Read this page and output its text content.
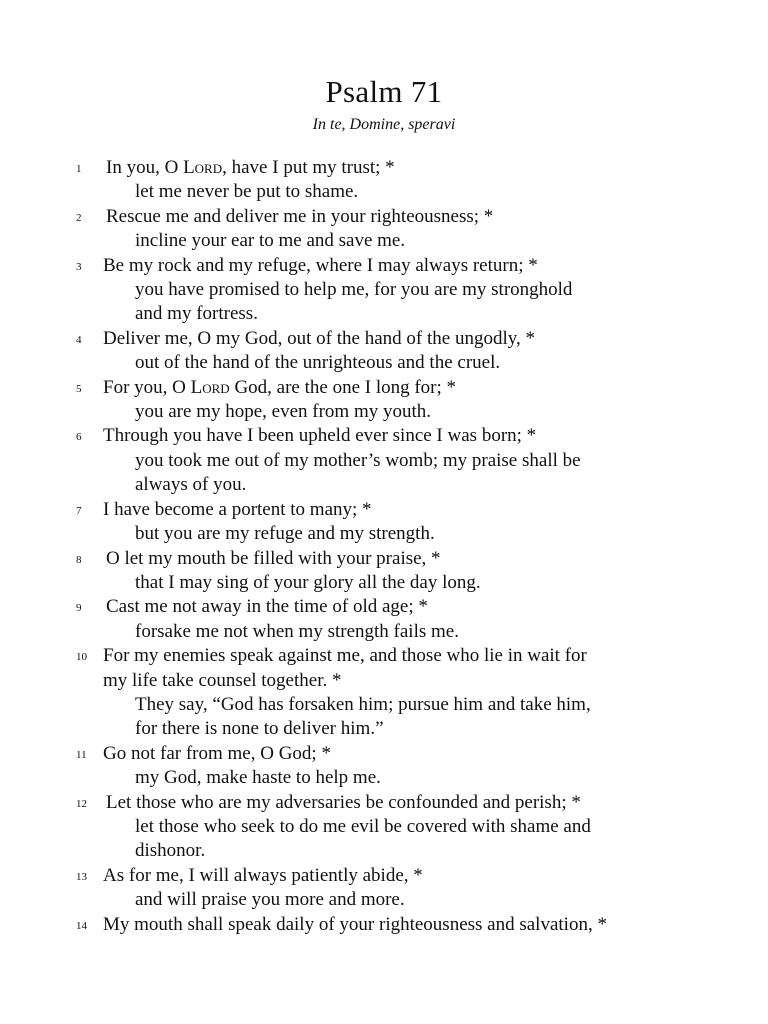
Psalm 71
In te, Domine, speravi
1 In you, O Lord, have I put my trust; *
let me never be put to shame.
2 Rescue me and deliver me in your righteousness; *
incline your ear to me and save me.
3 Be my rock and my refuge, where I may always return; *
you have promised to help me, for you are my stronghold
and my fortress.
4 Deliver me, O my God, out of the hand of the ungodly, *
out of the hand of the unrighteous and the cruel.
5 For you, O Lord God, are the one I long for; *
you are my hope, even from my youth.
6 Through you have I been upheld ever since I was born; *
you took me out of my mother’s womb; my praise shall be
always of you.
7 I have become a portent to many; *
but you are my refuge and my strength.
8 O let my mouth be filled with your praise, *
that I may sing of your glory all the day long.
9 Cast me not away in the time of old age; *
forsake me not when my strength fails me.
10 For my enemies speak against me, and those who lie in wait for
my life take counsel together. *
They say, “God has forsaken him; pursue him and take him,
for there is none to deliver him.”
11 Go not far from me, O God; *
my God, make haste to help me.
12 Let those who are my adversaries be confounded and perish; *
let those who seek to do me evil be covered with shame and
dishonor.
13 As for me, I will always patiently abide, *
and will praise you more and more.
14 My mouth shall speak daily of your righteousness and salvation, *
